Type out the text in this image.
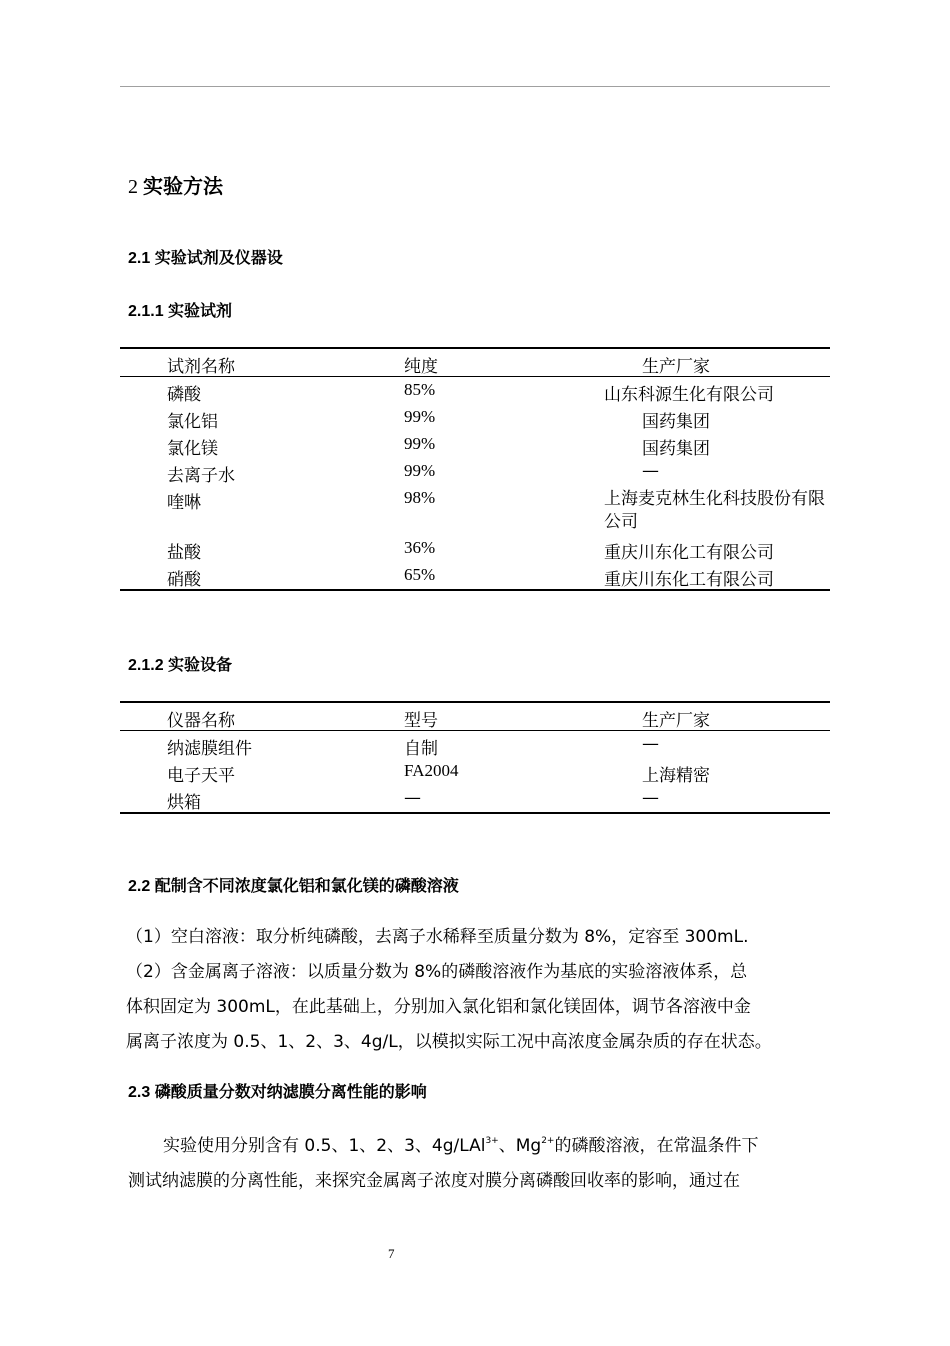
2 实验方法
2.1 实验试剂及仪器设
2.1.1 实验试剂
试剂名称	纯度	生产厂家
磷酸	85%	山东科源生化有限公司
氯化铝	99%	国药集团
氯化镁	99%	国药集团
去离子水	99%	—
喹啉	98%	上海麦克林生化科技股份有限公司
盐酸	36%	重庆川东化工有限公司
硝酸	65%	重庆川东化工有限公司
2.1.2 实验设备
仪器名称	型号	生产厂家
纳滤膜组件	自制	—
电子天平	FA2004	上海精密
烘箱	—	—
2.2 配制含不同浓度氯化铝和氯化镁的磷酸溶液
（1）空白溶液：取分析纯磷酸，去离子水稀释至质量分数为 8%，定容至 300mL.
（2）含金属离子溶液：以质量分数为 8%的磷酸溶液作为基底的实验溶液体系，总
体积固定为 300mL，在此基础上，分别加入氯化铝和氯化镁固体，调节各溶液中金
属离子浓度为 0.5、1、2、3、4g/L，以模拟实际工况中高浓度金属杂质的存在状态。
2.3 磷酸质量分数对纳滤膜分离性能的影响
实验使用分别含有 0.5、1、2、3、4g/LAl$^{3+}$、$Mg^{2+}$的磷酸溶液，在常温条件下
测试纳滤膜的分离性能，来探究金属离子浓度对膜分离磷酸回收率的影响，通过在
7
